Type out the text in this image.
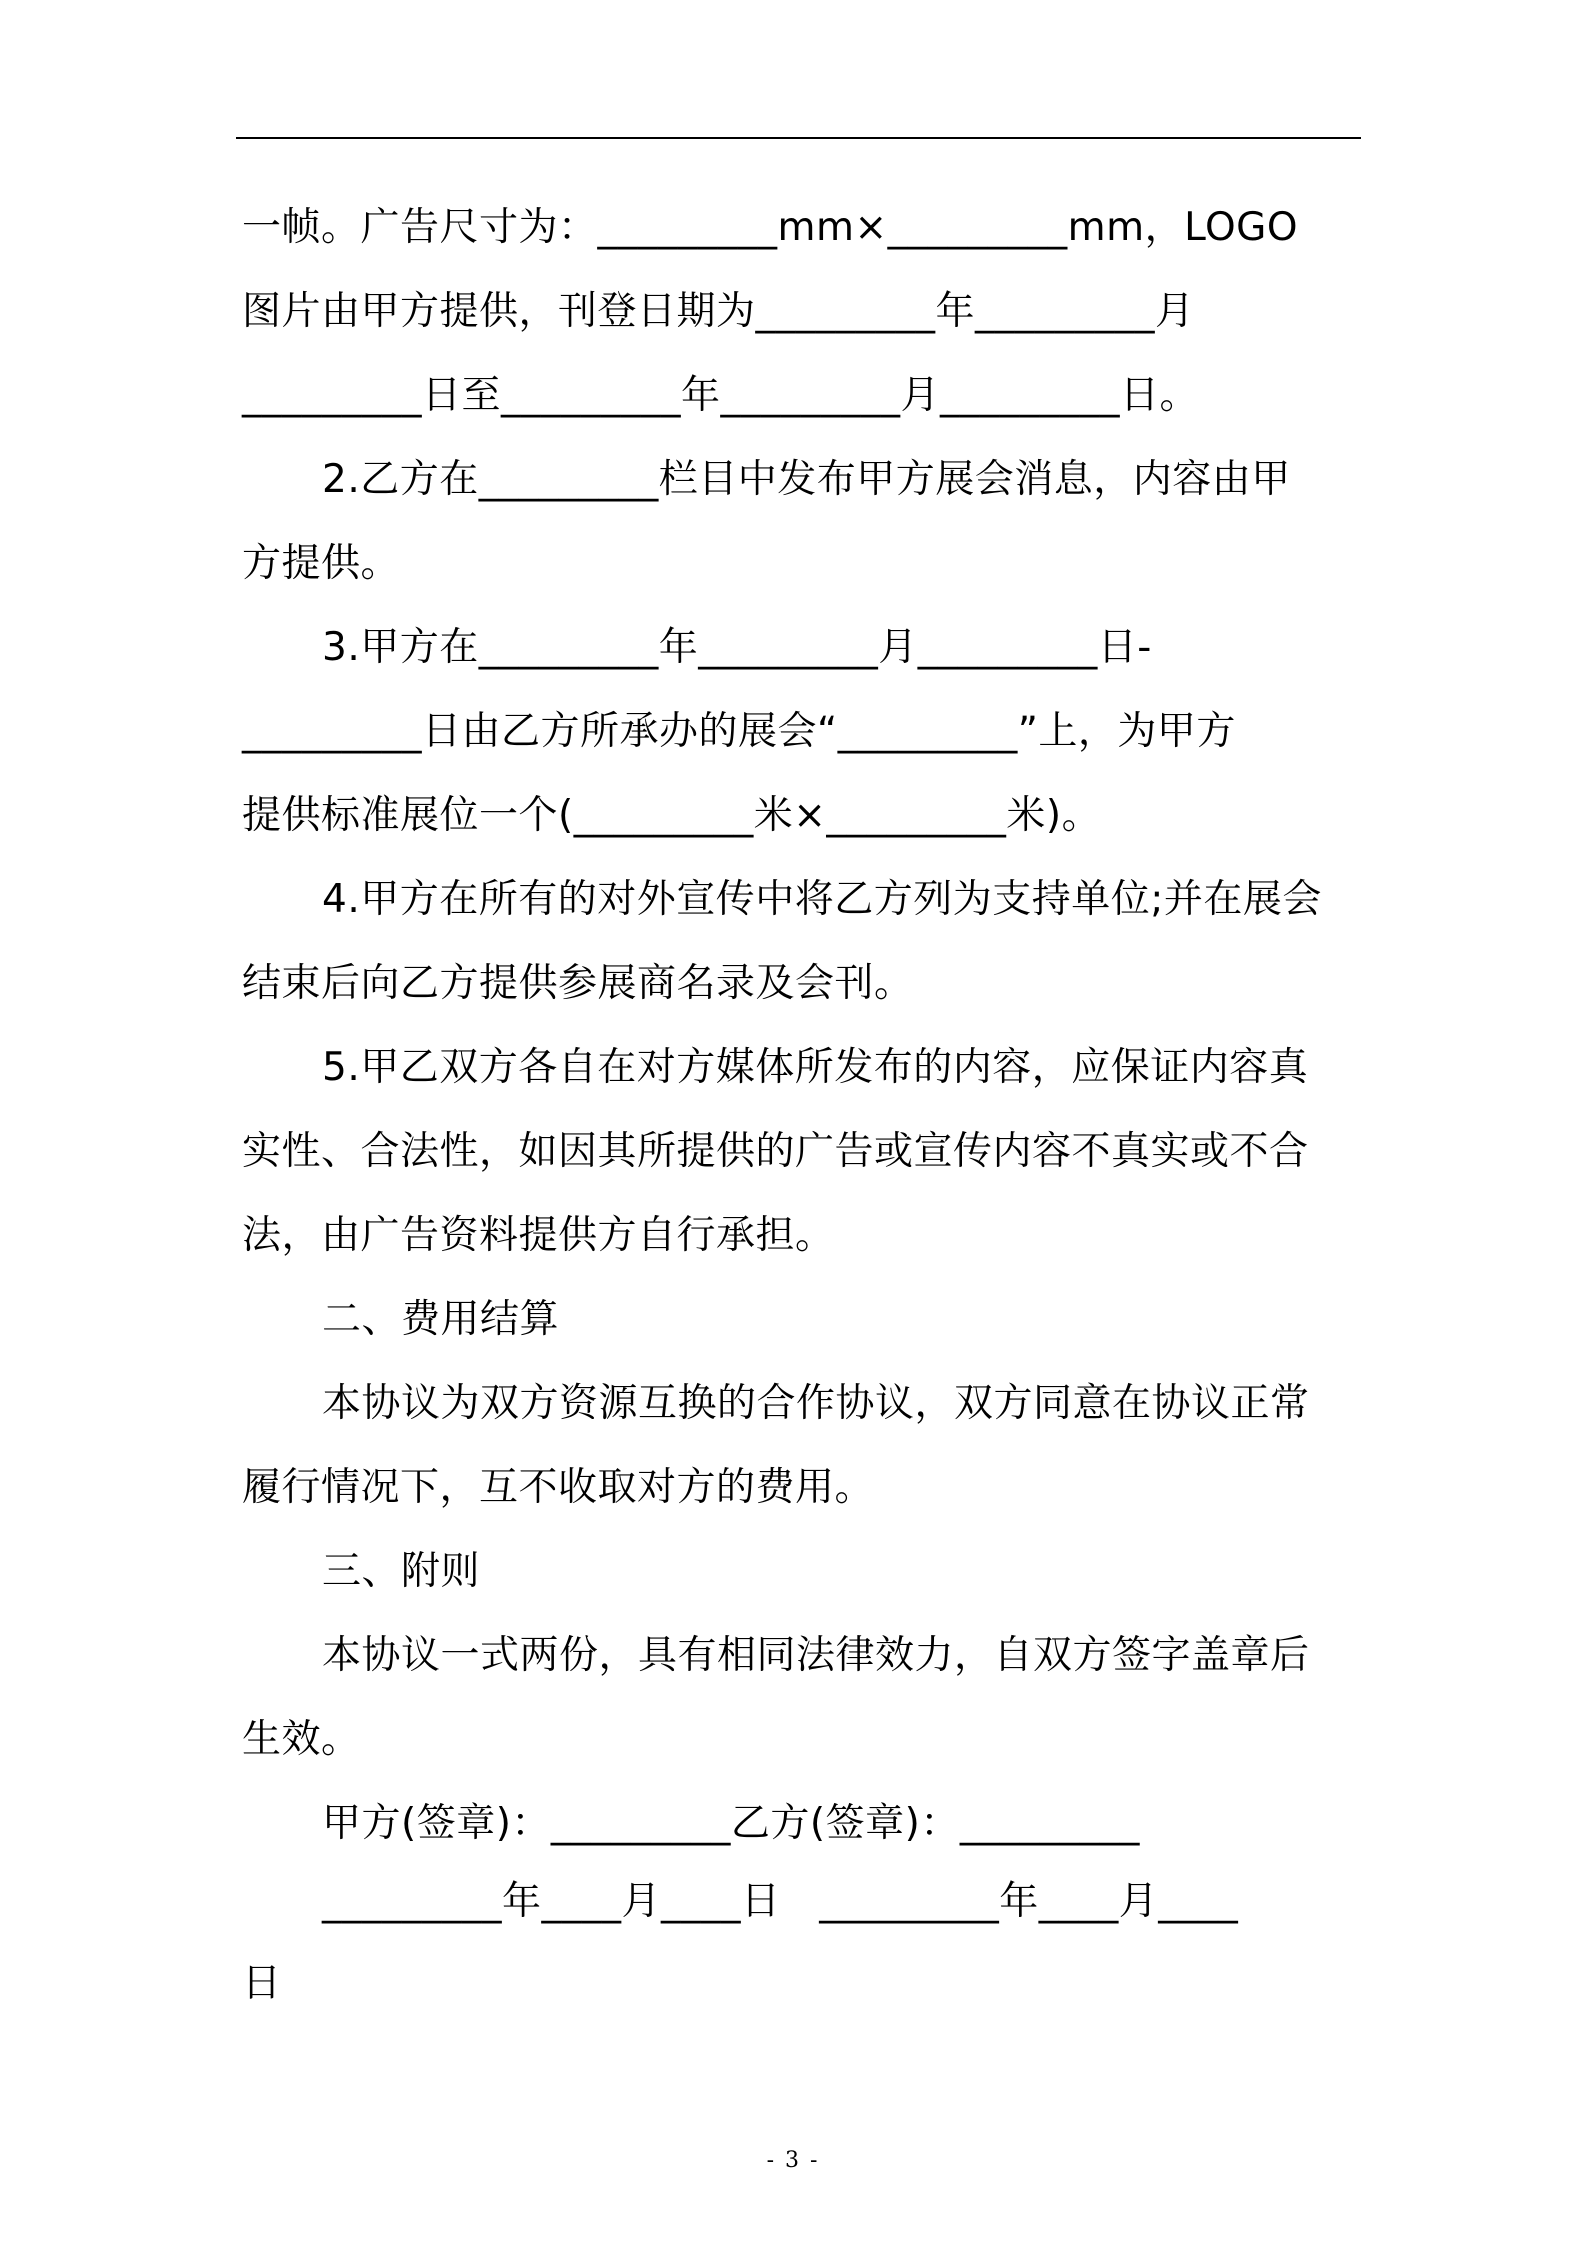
一帧。广告尺寸为：_________mm×_________mm，LOGO
图片由甲方提供，刊登日期为_________年_________月
_________日至_________年_________月_________日。
2.乙方在_________栏目中发布甲方展会消息，内容由甲
方提供。
3.甲方在_________年_________月_________日-
_________日由乙方所承办的展会“_________”上，为甲方
提供标准展位一个(_________米×_________米)。
4.甲方在所有的对外宣传中将乙方列为支持单位;并在展会
结束后向乙方提供参展商名录及会刊。
5.甲乙双方各自在对方媒体所发布的内容，应保证内容真
实性、合法性，如因其所提供的广告或宣传内容不真实或不合
法，由广告资料提供方自行承担。
二、费用结算
本协议为双方资源互换的合作协议，双方同意在协议正常
履行情况下，互不收取对方的费用。
三、附则
本协议一式两份，具有相同法律效力，自双方签字盖章后
生效。
甲方(签章)：_________乙方(签章)：_________
_________年____月____日   _________年____月____
日
- 3 -
